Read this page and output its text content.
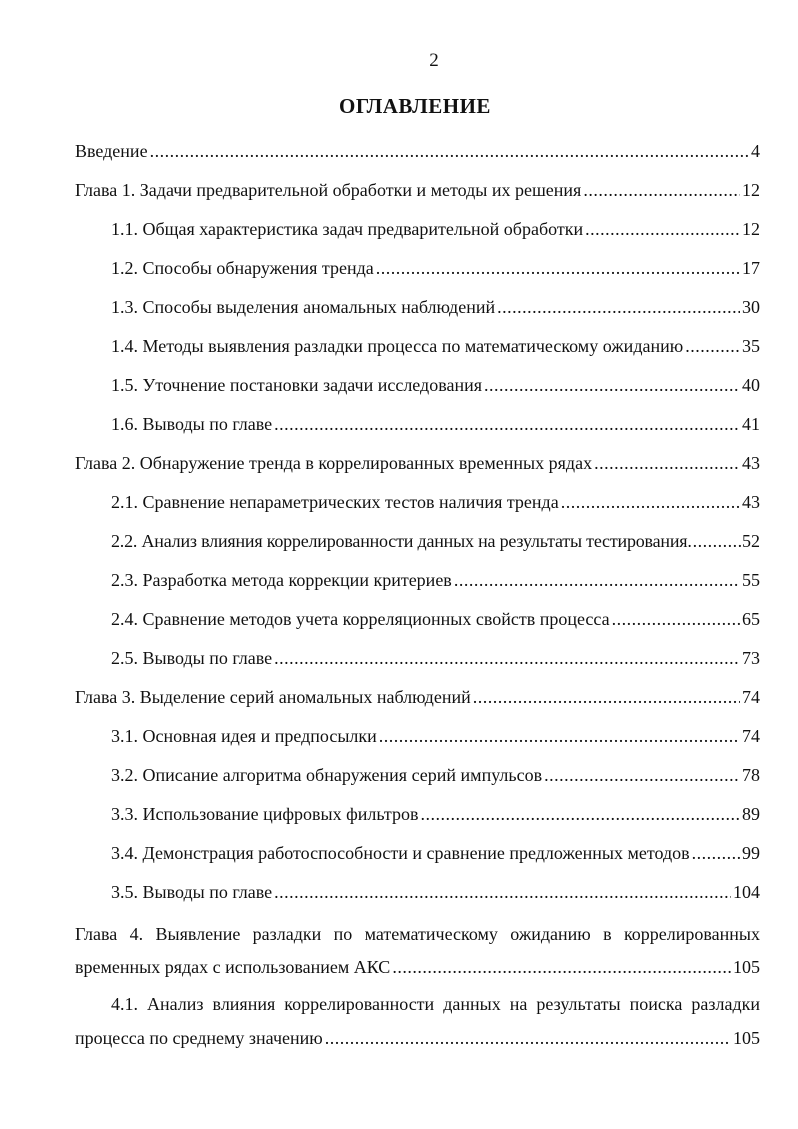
2
ОГЛАВЛЕНИЕ
Введение .....	4
Глава 1. Задачи предварительной обработки и методы их решения .....	12
1.1. Общая характеристика задач предварительной обработки .....	12
1.2. Способы обнаружения тренда .....	17
1.3. Способы выделения аномальных наблюдений .....	30
1.4. Методы выявления разладки процесса по математическому ожиданию .....	35
1.5. Уточнение постановки задачи исследования .....	40
1.6. Выводы по главе .....	41
Глава 2. Обнаружение тренда в коррелированных временных рядах .....	43
2.1. Сравнение непараметрических тестов наличия тренда .....	43
2.2. Анализ влияния коррелированности данных на результаты тестирования. .....	52
2.3. Разработка метода коррекции критериев .....	55
2.4. Сравнение методов учета корреляционных свойств процесса .....	65
2.5. Выводы по главе .....	73
Глава 3. Выделение серий аномальных наблюдений .....	74
3.1. Основная идея и предпосылки .....	74
3.2. Описание алгоритма обнаружения серий импульсов .....	78
3.3. Использование цифровых фильтров .....	89
3.4. Демонстрация работоспособности и сравнение предложенных методов .....	99
3.5. Выводы по главе .....	104
Глава 4. Выявление разладки по математическому ожиданию в коррелированных
временных рядах с использованием АКС .....	105
4.1. Анализ влияния коррелированности данных на результаты поиска разладки
процесса по среднему значению .....	105
